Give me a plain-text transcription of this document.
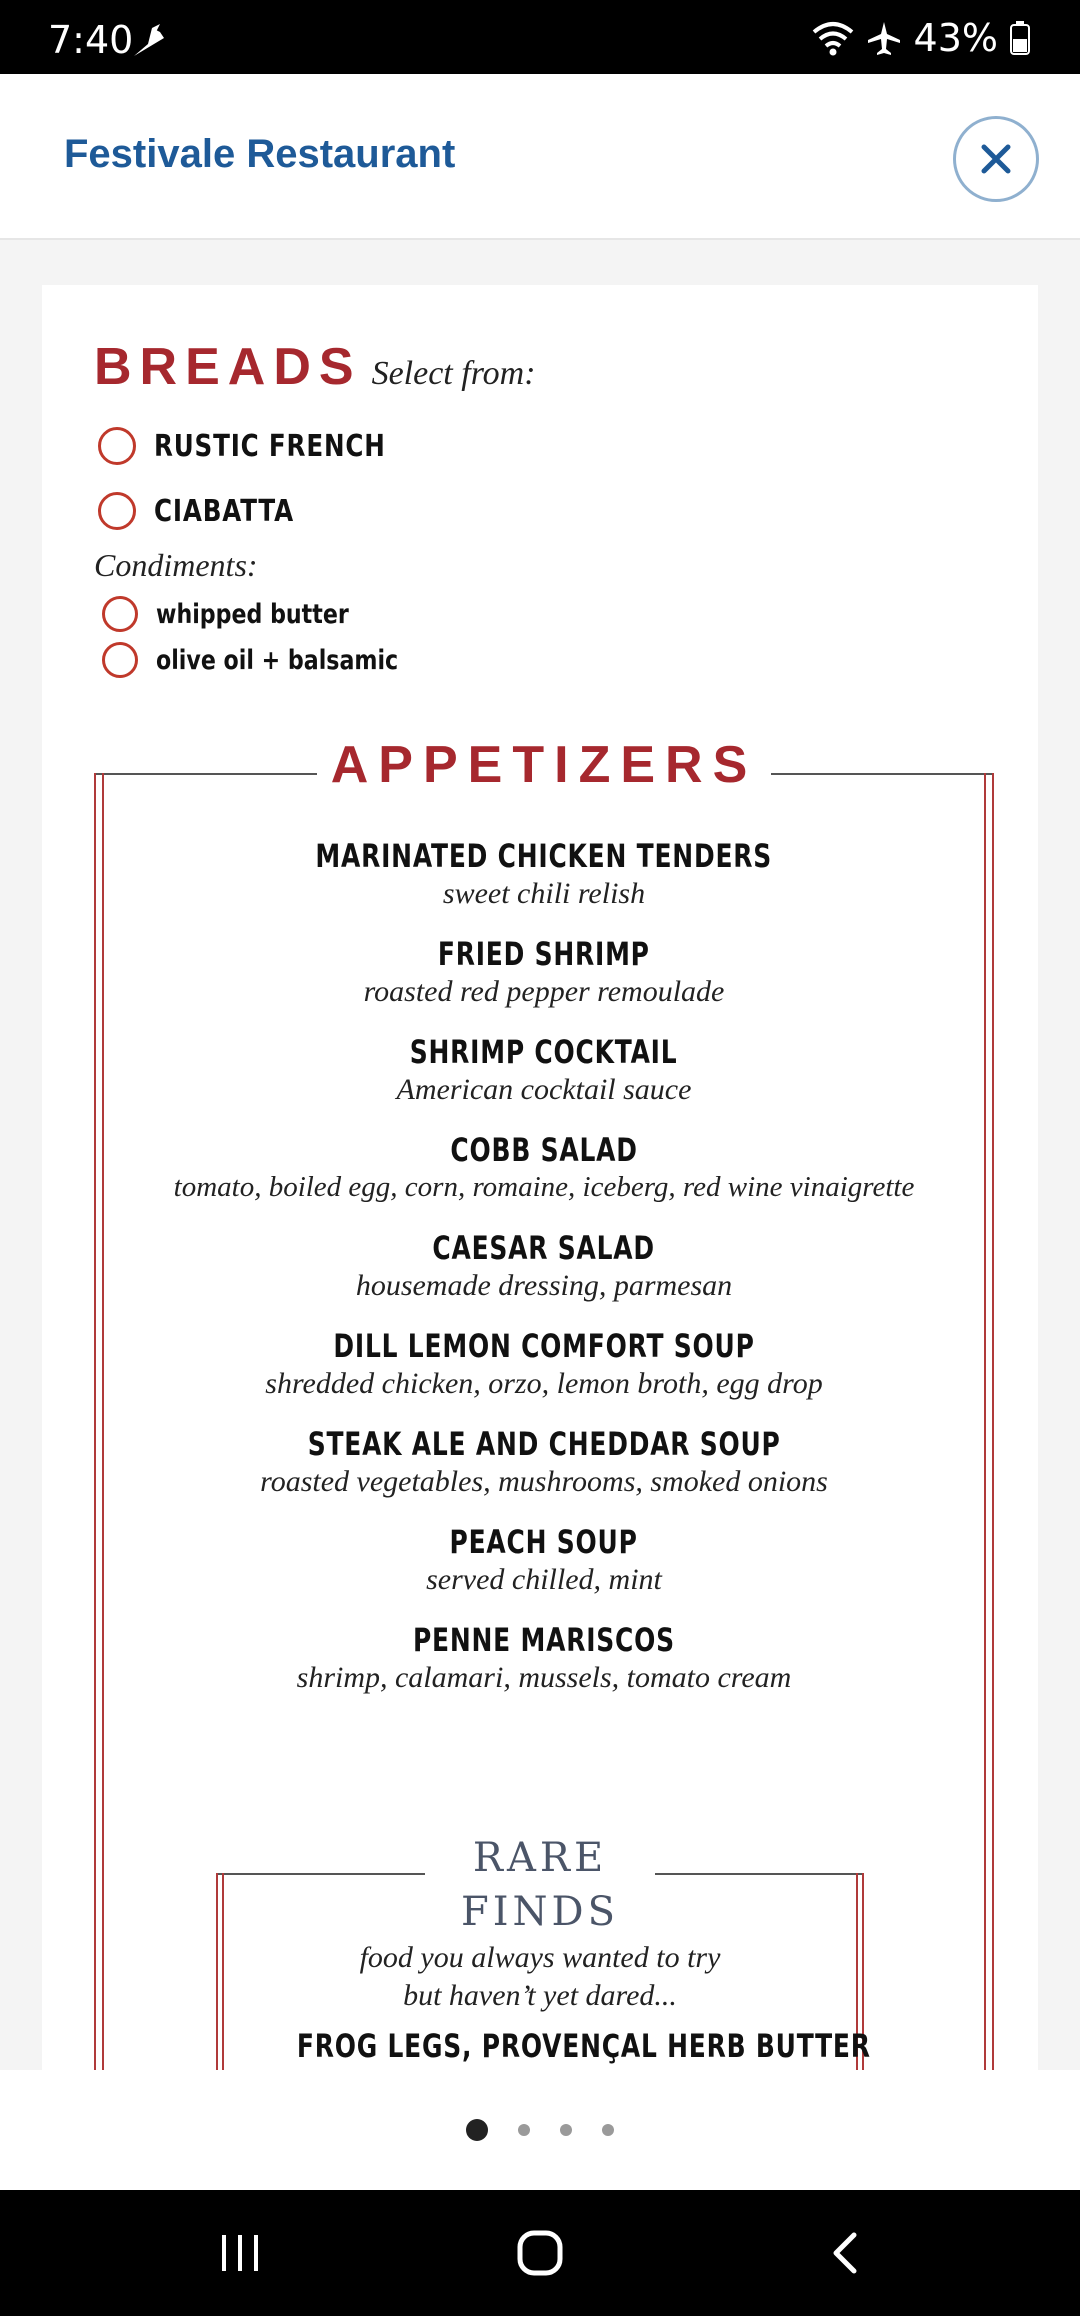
7:40	43%
Festivale Restaurant
BREADS Select from:
RUSTIC FRENCH
CIABATTA
Condiments:
whipped butter
olive oil + balsamic
APPETIZERS
MARINATED CHICKEN TENDERS
sweet chili relish
FRIED SHRIMP
roasted red pepper remoulade
SHRIMP COCKTAIL
American cocktail sauce
COBB SALAD
tomato, boiled egg, corn, romaine, iceberg, red wine vinaigrette
CAESAR SALAD
housemade dressing, parmesan
DILL LEMON COMFORT SOUP
shredded chicken, orzo, lemon broth, egg drop
STEAK ALE AND CHEDDAR SOUP
roasted vegetables, mushrooms, smoked onions
PEACH SOUP
served chilled, mint
PENNE MARISCOS
shrimp, calamari, mussels, tomato cream
RARE
FINDS
food you always wanted to try
but haven’t yet dared...
FROG LEGS, PROVENÇAL HERB BUTTER
